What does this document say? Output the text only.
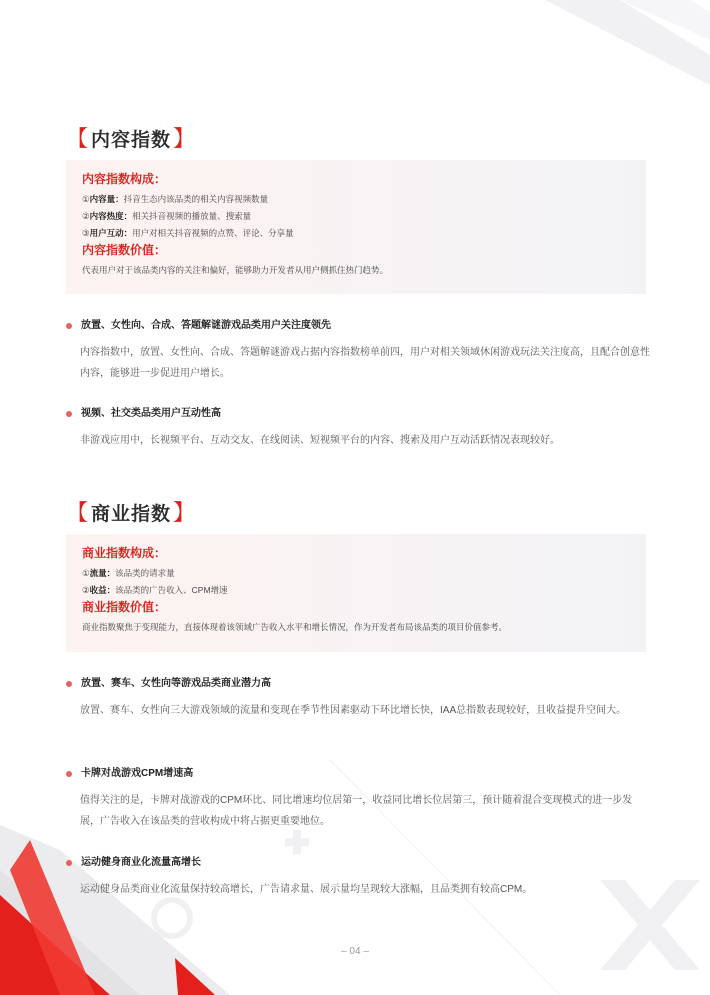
【 内容指数 】
内容指数构成：
①内容量：抖音生态内该品类的相关内容视频数量
②内容热度：相关抖音视频的播放量、搜索量
③用户互动：用户对相关抖音视频的点赞、评论、分享量
内容指数价值：
代表用户对于该品类内容的关注和偏好，能够助力开发者从用户侧抓住热门趋势。
放置、女性向、合成、答题解谜游戏品类用户关注度领先
内容指数中，放置、女性向、合成、答题解谜游戏占据内容指数榜单前四，用户对相关领域休闲游戏玩法关注度高，且配合创意性内容，能够进一步促进用户增长。
视频、社交类品类用户互动性高
非游戏应用中，长视频平台、互动交友、在线阅读、短视频平台的内容、搜索及用户互动活跃情况表现较好。
【 商业指数 】
商业指数构成：
①流量：该品类的请求量
②收益：该品类的广告收入、CPM增速
商业指数价值：
商业指数聚焦于变现能力，直接体现着该领域广告收入水平和增长情况，作为开发者布局该品类的项目价值参考。
放置、赛车、女性向等游戏品类商业潜力高
放置、赛车、女性向三大游戏领域的流量和变现在季节性因素驱动下环比增长快，IAA总指数表现较好，且收益提升空间大。
卡牌对战游戏CPM增速高
值得关注的是，卡牌对战游戏的CPM环比、同比增速均位居第一，收益同比增长位居第三，预计随着混合变现模式的进一步发展，广告收入在该品类的营收构成中将占据更重要地位。
运动健身商业化流量高增长
运动健身品类商业化流量保持较高增长，广告请求量、展示量均呈现较大涨幅，且品类拥有较高CPM。
– 04 –
